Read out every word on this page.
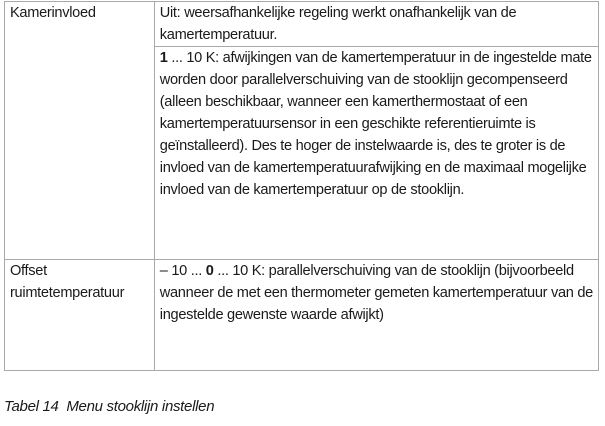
Kamerinvloed	Uit: weersafhankelijke regeling werkt onafhankelijk van de kamertemperatuur.

	1 ... 10 K: afwijkingen van de kamertemperatuur in de ingestelde mate worden door parallelverschuiving van de stooklijn gecompenseerd (alleen beschikbaar, wanneer een kamerthermostaat of een kamertemperatuursensor in een geschikte referentieruimte is geïnstalleerd). Des te hoger de instelwaarde is, des te groter is de invloed van de kamertemperatuurafwijking en de maximaal mogelijke invloed van de kamertemperatuur op de stooklijn.

Offset ruimtetemperatuur	– 10 ... 0 ... 10 K: parallelverschuiving van de stooklijn (bijvoorbeeld wanneer de met een thermometer gemeten kamertemperatuur van de ingestelde gewenste waarde afwijkt)
Tabel 14 Menu stooklijn instellen
